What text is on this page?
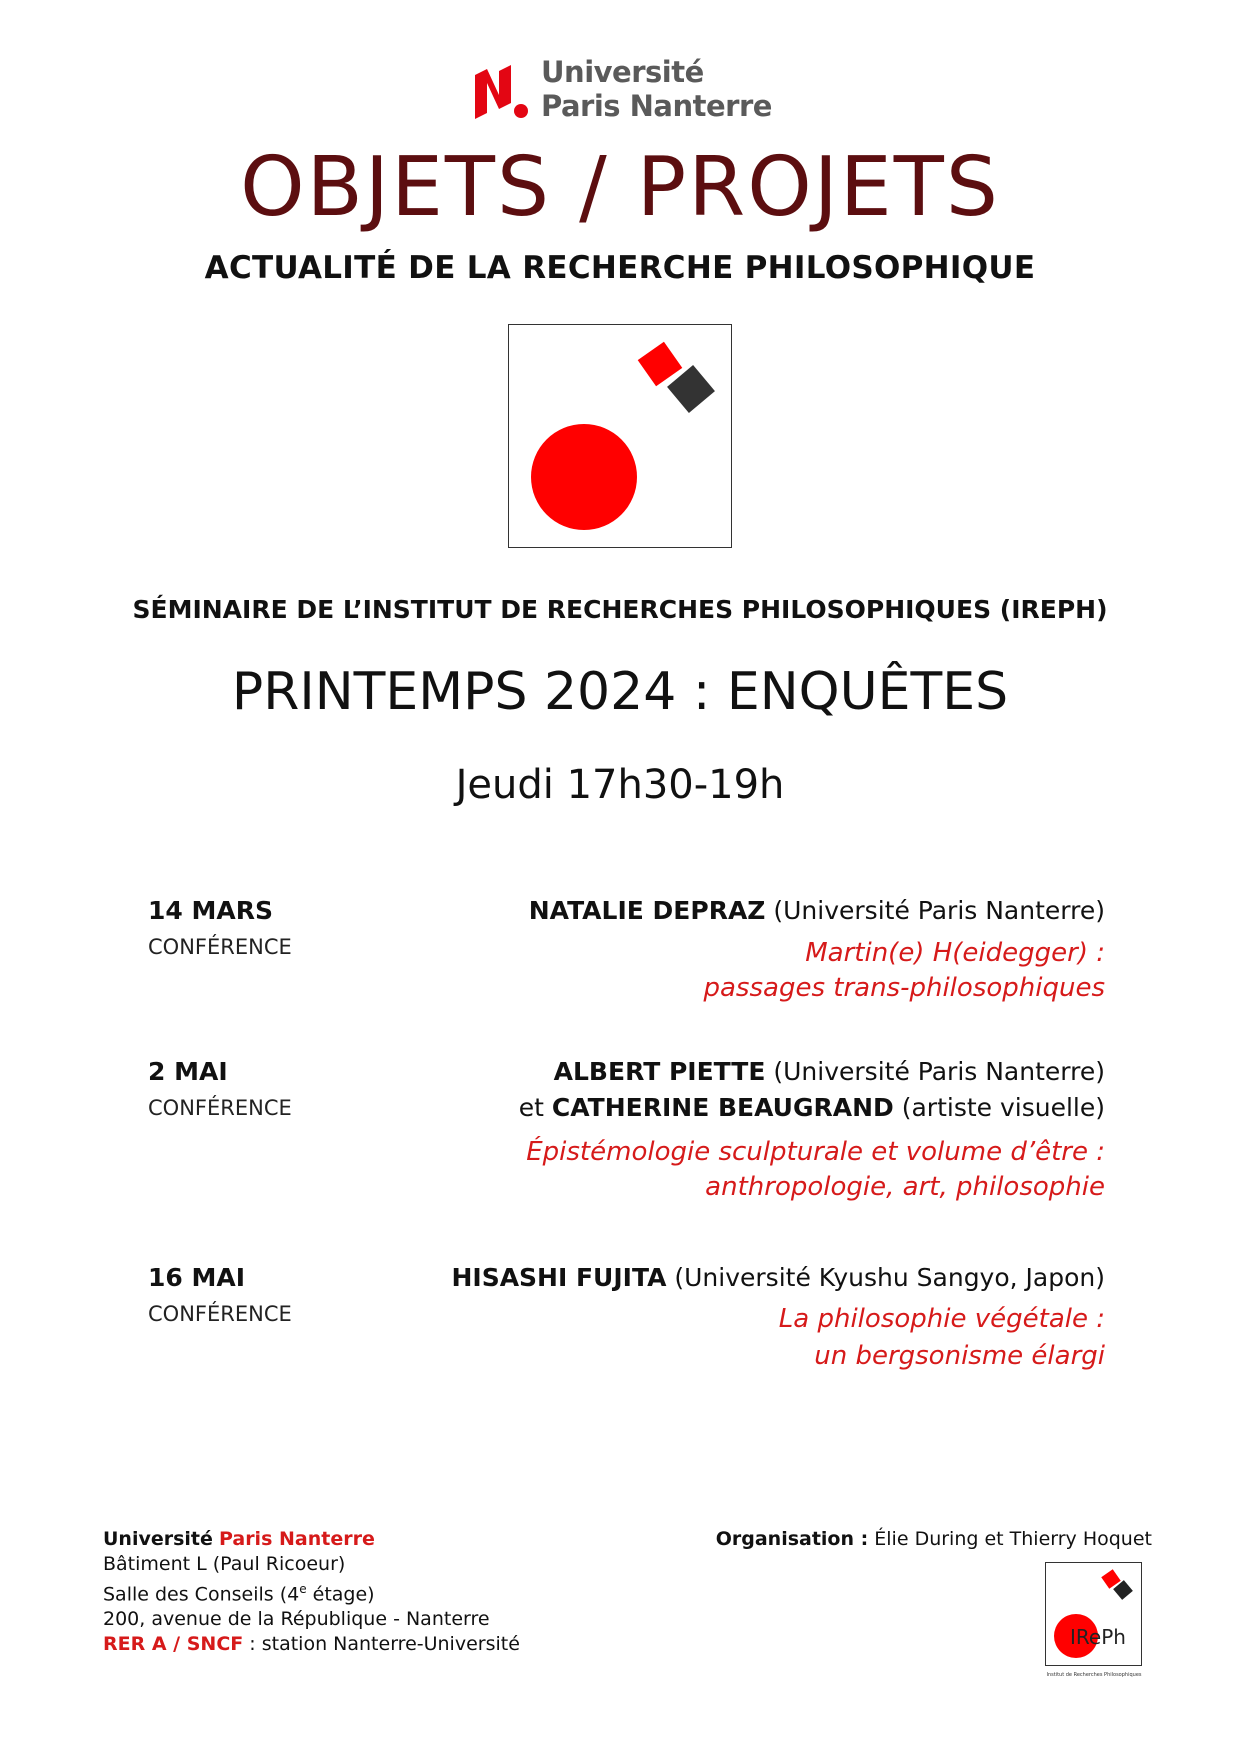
Université
Paris Nanterre
OBJETS / PROJETS
ACTUALITÉ DE LA RECHERCHE PHILOSOPHIQUE
SÉMINAIRE DE L’INSTITUT DE RECHERCHES PHILOSOPHIQUES (IREPH)
PRINTEMPS 2024 : ENQUÊTES
Jeudi 17h30-19h
14 MARS
CONFÉRENCE
NATALIE DEPRAZ (Université Paris Nanterre)
Martin(e) H(eidegger) :
passages trans-philosophiques
2 MAI
CONFÉRENCE
ALBERT PIETTE (Université Paris Nanterre)
et CATHERINE BEAUGRAND (artiste visuelle)
Épistémologie sculpturale et volume d’être :
anthropologie, art, philosophie
16 MAI
CONFÉRENCE
HISASHI FUJITA (Université Kyushu Sangyo, Japon)
La philosophie végétale :
un bergsonisme élargi
Université Paris Nanterre
Bâtiment L (Paul Ricoeur)
Salle des Conseils (4e étage)
200, avenue de la République - Nanterre
RER A / SNCF : station Nanterre-Université
Organisation : Élie During et Thierry Hoquet
IRePh
Institut de Recherches Philosophiques
